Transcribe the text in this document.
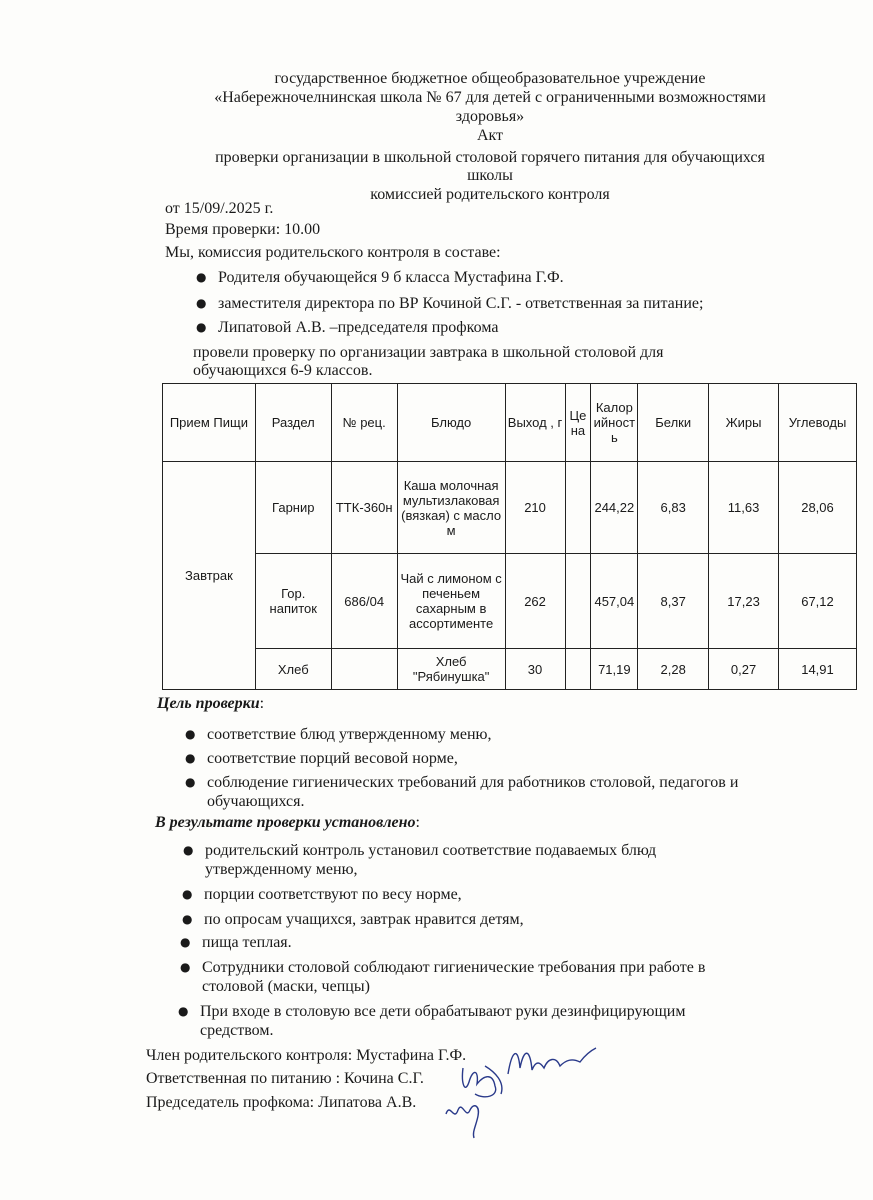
государственное бюджетное общеобразовательное учреждение
«Набережночелнинская школа № 67 для детей с ограниченными возможностями
здоровья»
Акт
проверки организации в школьной столовой горячего питания для обучающихся
школы
комиссией родительского контроля
от 15/09/.2025 г.
Время проверки: 10.00
Мы, комиссия родительского контроля в составе:
● Родителя обучающейся 9 б класса Мустафина Г.Ф.
● заместителя директора по ВР Кочиной С.Г. - ответственная за питание;
● Липатовой А.В. –председателя профкома
провели проверку по организации завтрака в школьной столовой для
обучающихся 6-9 классов.
Прием Пищи	Раздел	№ рец.	Блюдо	Выход , г	Цена	Калорийность	Белки	Жиры	Углеводы
Завтрак	Гарнир	ТТК-360н	Каша молочная мультизлаковая (вязкая) с маслом	210		244,22	6,83	11,63	28,06
	Гор. напиток	686/04	Чай с лимоном с печеньем сахарным в ассортименте	262		457,04	8,37	17,23	67,12
	Хлеб		Хлеб "Рябинушка"	30		71,19	2,28	0,27	14,91
Цель проверки:
● соответствие блюд утвержденному меню,
● соответствие порций весовой норме,
● соблюдение гигиенических требований для работников столовой, педагогов и
обучающихся.
В результате проверки установлено:
● родительский контроль установил соответствие подаваемых блюд
утвержденному меню,
● порции соответствуют по весу норме,
● по опросам учащихся, завтрак нравится детям,
● пища теплая.
● Сотрудники столовой соблюдают гигиенические требования при работе в
столовой (маски, чепцы)
● При входе в столовую все дети обрабатывают руки дезинфицирующим
средством.
Член родительского контроля: Мустафина Г.Ф.
Ответственная по питанию : Кочина С.Г.
Председатель профкома: Липатова А.В.
